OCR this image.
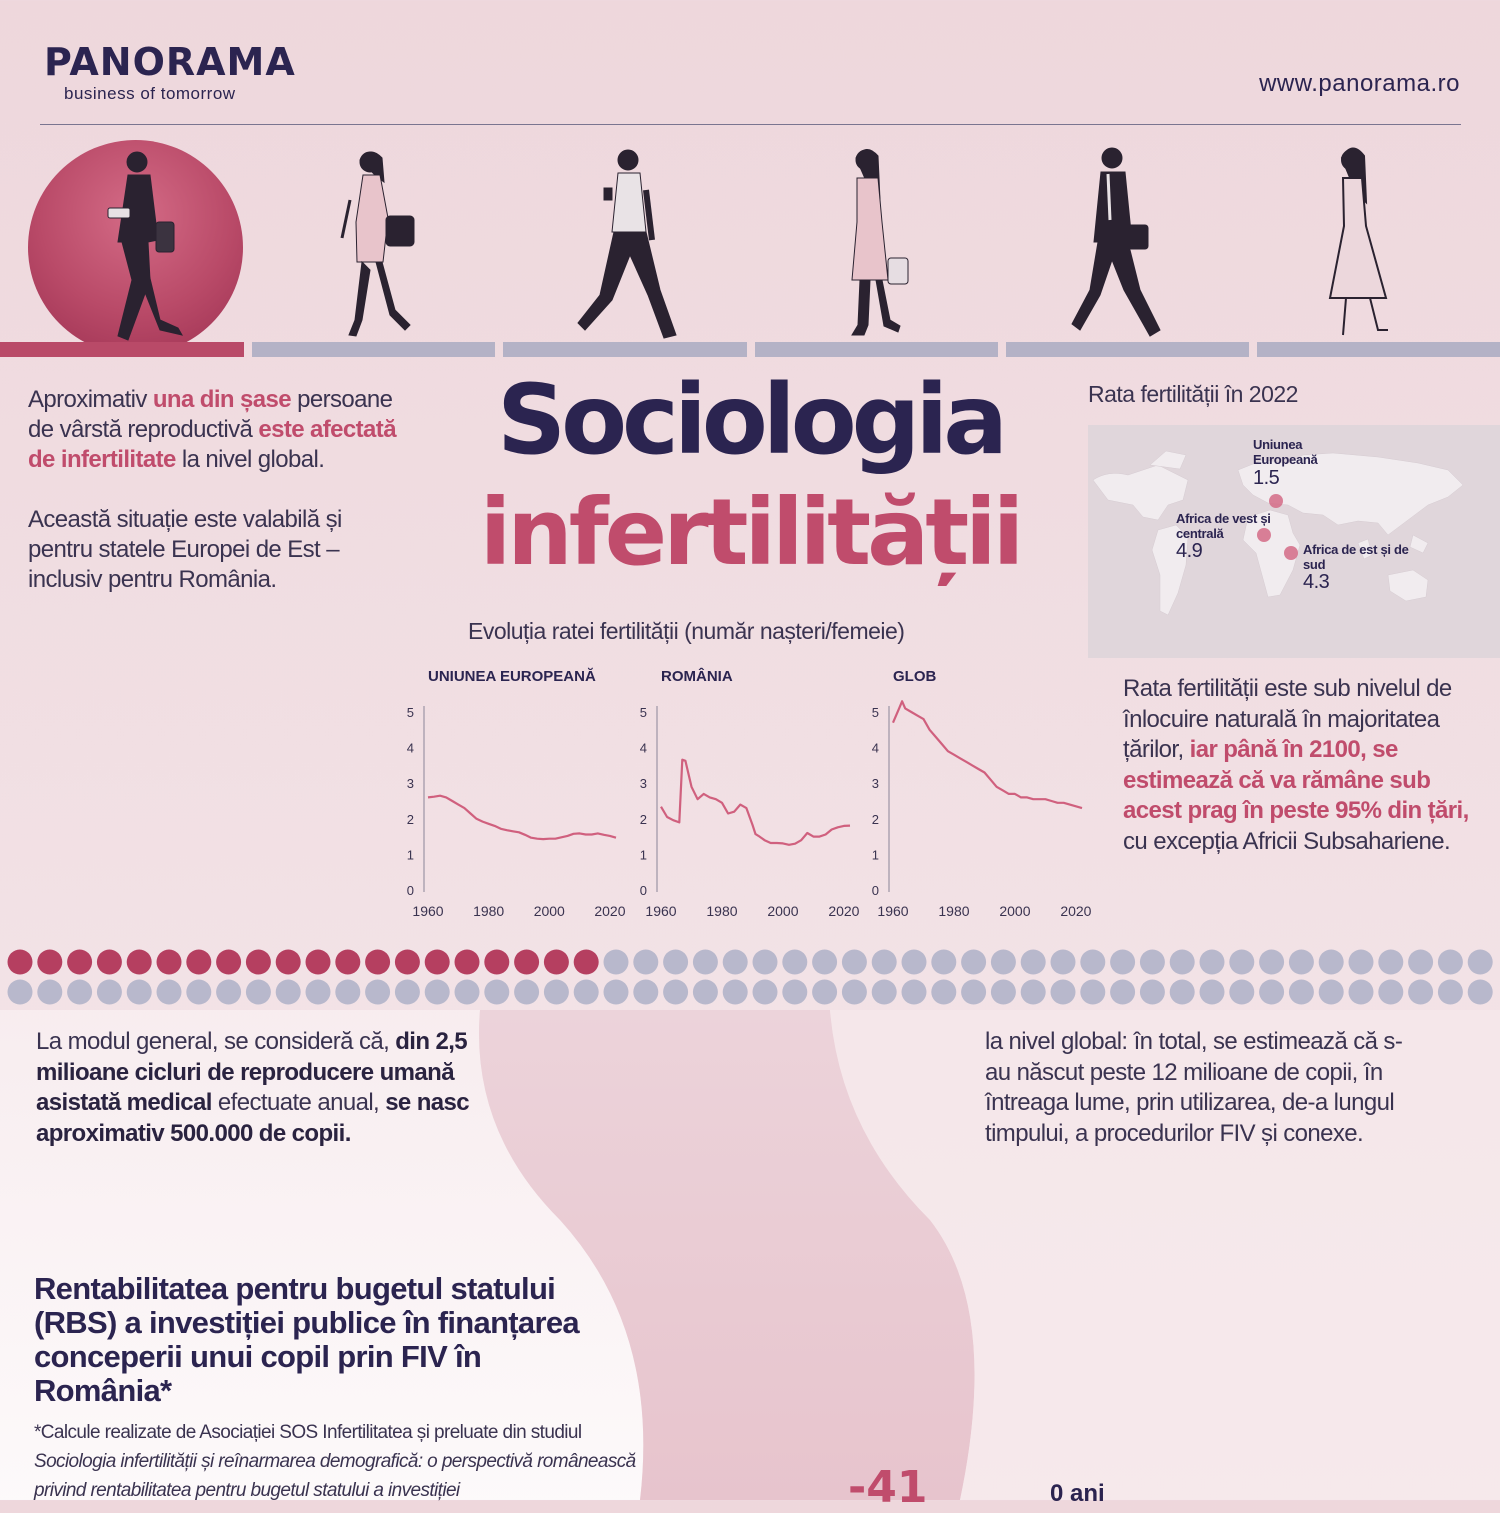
PANORAMA
business of tomorrow	www.panorama.ro

Aproximativ una din șase persoane de vârstă reproductivă este afectată de infertilitate la nivel global.

Această situație este valabilă și pentru statele Europei de Est – inclusiv pentru România.

Sociologia
infertilității
Evoluția ratei fertilității (număr nașteri/femeie)
UNIUNEA EUROPEANĂ
0
1
2
3
4
5
1960 1980 2000 2020
ROMÂNIA
0
1
2
3
4
5
1960 1980 2000 2020
GLOB
0
1
2
3
4
5
1960 1980 2000 2020
Rata fertilității în 2022
Uniunea Europeană
1.5
Africa de vest și centrală
4.9	Africa de est și de sud
4.3
Rata fertilității este sub nivelul de înlocuire naturală în majoritatea țărilor, iar până în 2100, se estimează că va rămâne sub acest prag în peste 95% din țări, cu excepția Africii Subsahariene.
La modul general, se consideră că, din 2,5 milioane cicluri de reproducere umană asistată medical efectuate anual, se nasc aproximativ 500.000 de copii.
la nivel global: în total, se estimează că s-au născut peste 12 milioane de copii, în întreaga lume, prin utilizarea, de-a lungul timpului, a procedurilor FIV și conexe.
Rentabilitatea pentru bugetul statului (RBS) a investiției publice în finanțarea conceperii unui copil prin FIV în România*
*Calcule realizate de Asociației SOS Infertilitatea și preluate din studiul Sociologia infertilității și reînarmarea demografică: o perspectivă românească privind rentabilitatea pentru bugetul statului a investiției	-41	0 ani
